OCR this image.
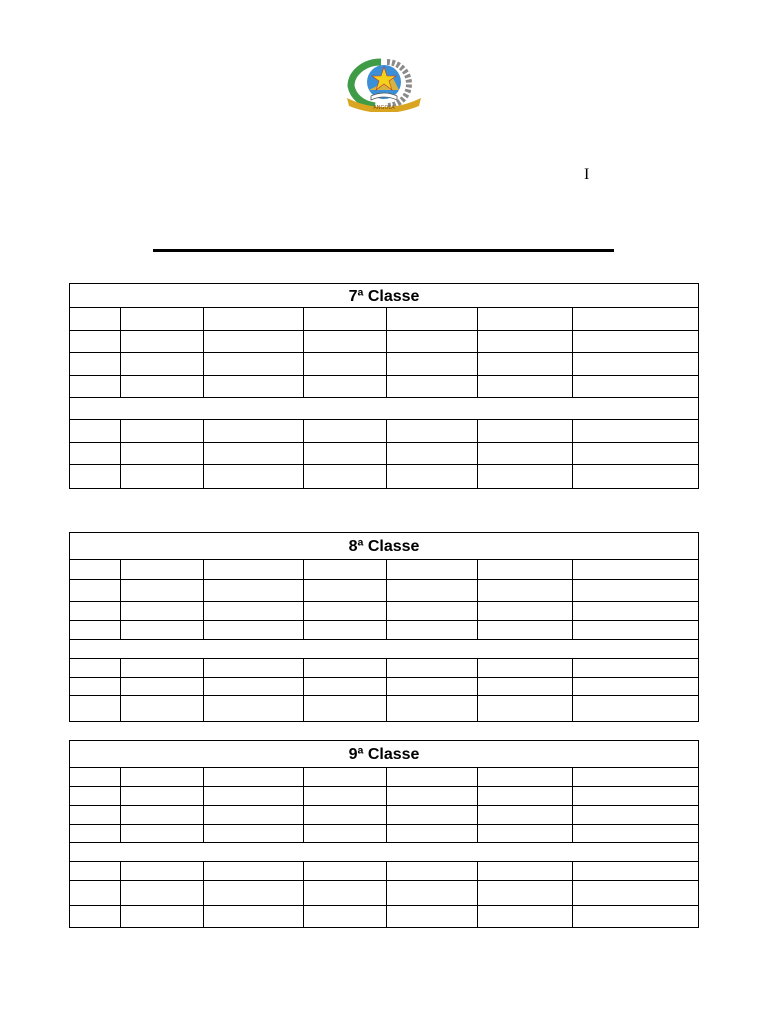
ANGOLA
I
7ª Classe						

8ª Classe						

9ª Classe						
